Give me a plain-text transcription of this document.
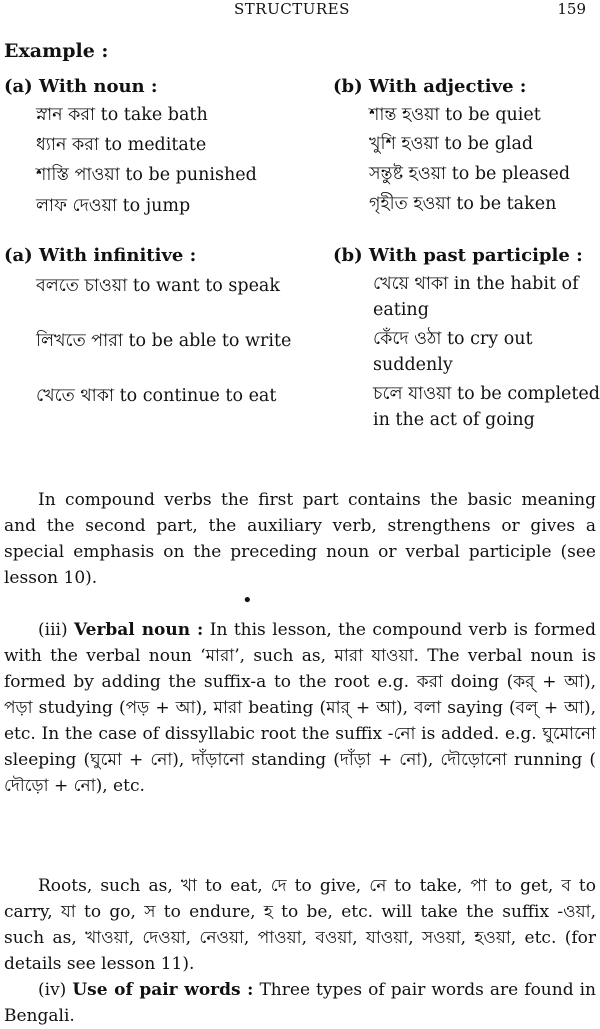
STRUCTURES	159
Example :
(a) With noun :
স্নান করা to take bath
ধ্যান করা to meditate
শাস্তি পাওয়া to be punished
লাফ দেওয়া to jump
(b) With adjective :
শান্ত হওয়া to be quiet
খুশি হওয়া to be glad
সন্তুষ্ট হওয়া to be pleased
গৃহীত হওয়া to be taken
(a) With infinitive :
বলতে চাওয়া to want to speak
লিখতে পারা to be able to write
খেতে থাকা to continue to eat
(b) With past participle :
খেয়ে থাকা in the habit of eating
কেঁদে ওঠা to cry out suddenly
চলে যাওয়া to be completed in the act of going
In compound verbs the first part contains the basic meaning and the second part, the auxiliary verb, strengthens or gives a special emphasis on the preceding noun or verbal participle (see lesson 10).
•
(iii) Verbal noun : In this lesson, the compound verb is formed with the verbal noun ‘মারা’, such as, মারা যাওয়া. The verbal noun is formed by adding the suffix-a to the root e.g. করা doing (কর্ + আ), পড়া studying (পড় + আ), মারা beating (মার্ + আ), বলা saying (বল্ + আ), etc. In the case of dissyllabic root the suffix -নো is added. e.g. ঘুমোনো sleeping (ঘুমো + নো), দাঁড়ানো standing (দাঁড়া + নো), দৌড়োনো running ( দৌড়ো + নো), etc.
Roots, such as, খা to eat, দে to give, নে to take, পা to get, ব to carry, যা to go, স to endure, হ to be, etc. will take the suffix -ওয়া, such as, খাওয়া, দেওয়া, নেওয়া, পাওয়া, বওয়া, যাওয়া, সওয়া, হওয়া, etc. (for details see lesson 11).
(iv) Use of pair words : Three types of pair words are found in Bengali.
